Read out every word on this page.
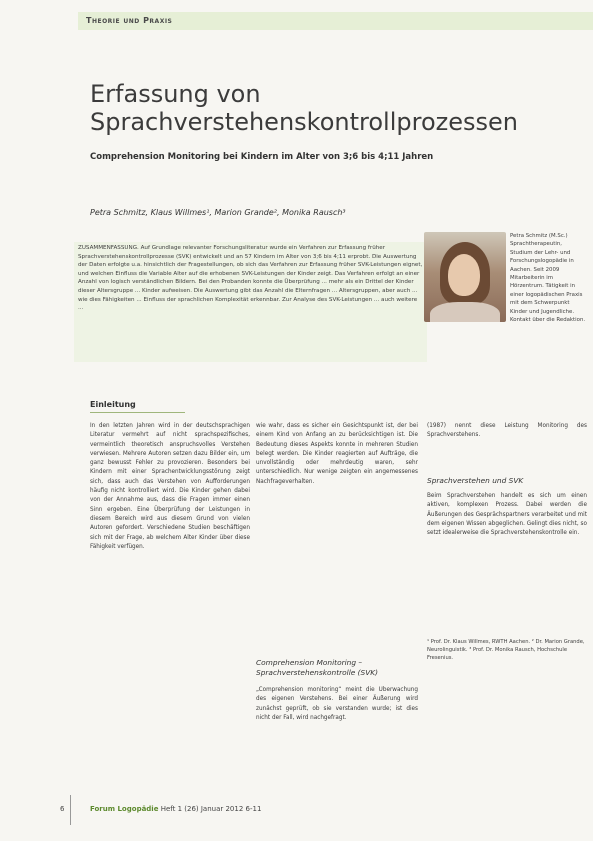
Theorie und Praxis
Erfassung von
Sprachverstehenskontrollprozessen
Comprehension Monitoring bei Kindern im Alter von 3;6 bis 4;11 Jahren
Petra Schmitz, Klaus Willmes¹, Marion Grande², Monika Rausch³
ZUSAMMENFASSUNG. Auf Grundlage relevanter Forschungsliteratur wurde ein Verfahren zur Erfassung früher Sprachverstehenskontrollprozesse (SVK) entwickelt und an 57 Kindern im Alter von 3;6 bis 4;11 erprobt. Die Auswertung der Daten erfolgte u.a. hinsichtlich der Fragestellungen, ob sich das Verfahren zur Erfassung früher SVK-Leistungen eignet, und welchen Einfluss die Variable Alter auf die erhobenen SVK-Leistungen der Kinder zeigt. Das Verfahren erfolgt an einer Anzahl von logisch verständlichen Bildern. Bei den Probanden konnte die Überprüfung ... mehr als ein Drittel der Kinder dieser Altersgruppe ... Kinder aufweisen. Die Auswertung gibt das Anzahl die Elternfragen ... Altersgruppen, aber auch ... wie dies Fähigkeiten ... Einfluss der sprachlichen Komplexität erkennbar. Zur Analyse des SVK-Leistungen ... auch weitere ...
Petra Schmitz (M.Sc.) Sprachtherapeutin, Studium der Lehr- und Forschungslogopädie in Aachen. Seit 2009 Mitarbeiterin im Hörzentrum. Tätigkeit in einer logopädischen Praxis mit dem Schwerpunkt Kinder und Jugendliche. Kontakt über die Redaktion.
Einleitung
In den letzten Jahren wird in der deutschsprachigen Literatur vermehrt auf nicht sprachspezifisches, vermeintlich theoretisch anspruchsvolles Verstehen verwiesen. Mehrere Autoren setzen dazu Bilder ein, um ganz bewusst Fehler zu provozieren. Besonders bei Kindern mit einer Sprachentwicklungsstörung zeigt sich, dass auch das Verstehen von Aufforderungen häufig nicht kontrolliert wird. Die Kinder gehen dabei von der Annahme aus, dass die Fragen immer einen Sinn ergeben. Eine Überprüfung der Leistungen in diesem Bereich wird aus diesem Grund von vielen Autoren gefordert. Verschiedene Studien beschäftigen sich mit der Frage, ab welchem Alter Kinder über diese Fähigkeit verfügen.
wie wahr, dass es sicher ein Gesichtspunkt ist, der bei einem Kind von Anfang an zu berücksichtigen ist. Die Bedeutung dieses Aspekts konnte in mehreren Studien belegt werden. Die Kinder reagierten auf Aufträge, die unvollständig oder mehrdeutig waren, sehr unterschiedlich. Nur wenige zeigten ein angemessenes Nachfrageverhalten.
Comprehension Monitoring – Sprachverstehenskontrolle (SVK)
„Comprehension monitoring“ meint die Überwachung des eigenen Verstehens. Bei einer Äußerung wird zunächst geprüft, ob sie verstanden wurde; ist dies nicht der Fall, wird nachgefragt.
(1987) nennt diese Leistung Monitoring des Sprachverstehens.
Sprachverstehen und SVK
Beim Sprachverstehen handelt es sich um einen aktiven, komplexen Prozess. Dabei werden die Äußerungen des Gesprächspartners verarbeitet und mit dem eigenen Wissen abgeglichen. Gelingt dies nicht, so setzt idealerweise die Sprachverstehenskontrolle ein.
¹ Prof. Dr. Klaus Willmes, RWTH Aachen. ² Dr. Marion Grande, Neurolinguistik. ³ Prof. Dr. Monika Rausch, Hochschule Fresenius.
6	Forum Logopädie Heft 1 (26) Januar 2012 6-11
